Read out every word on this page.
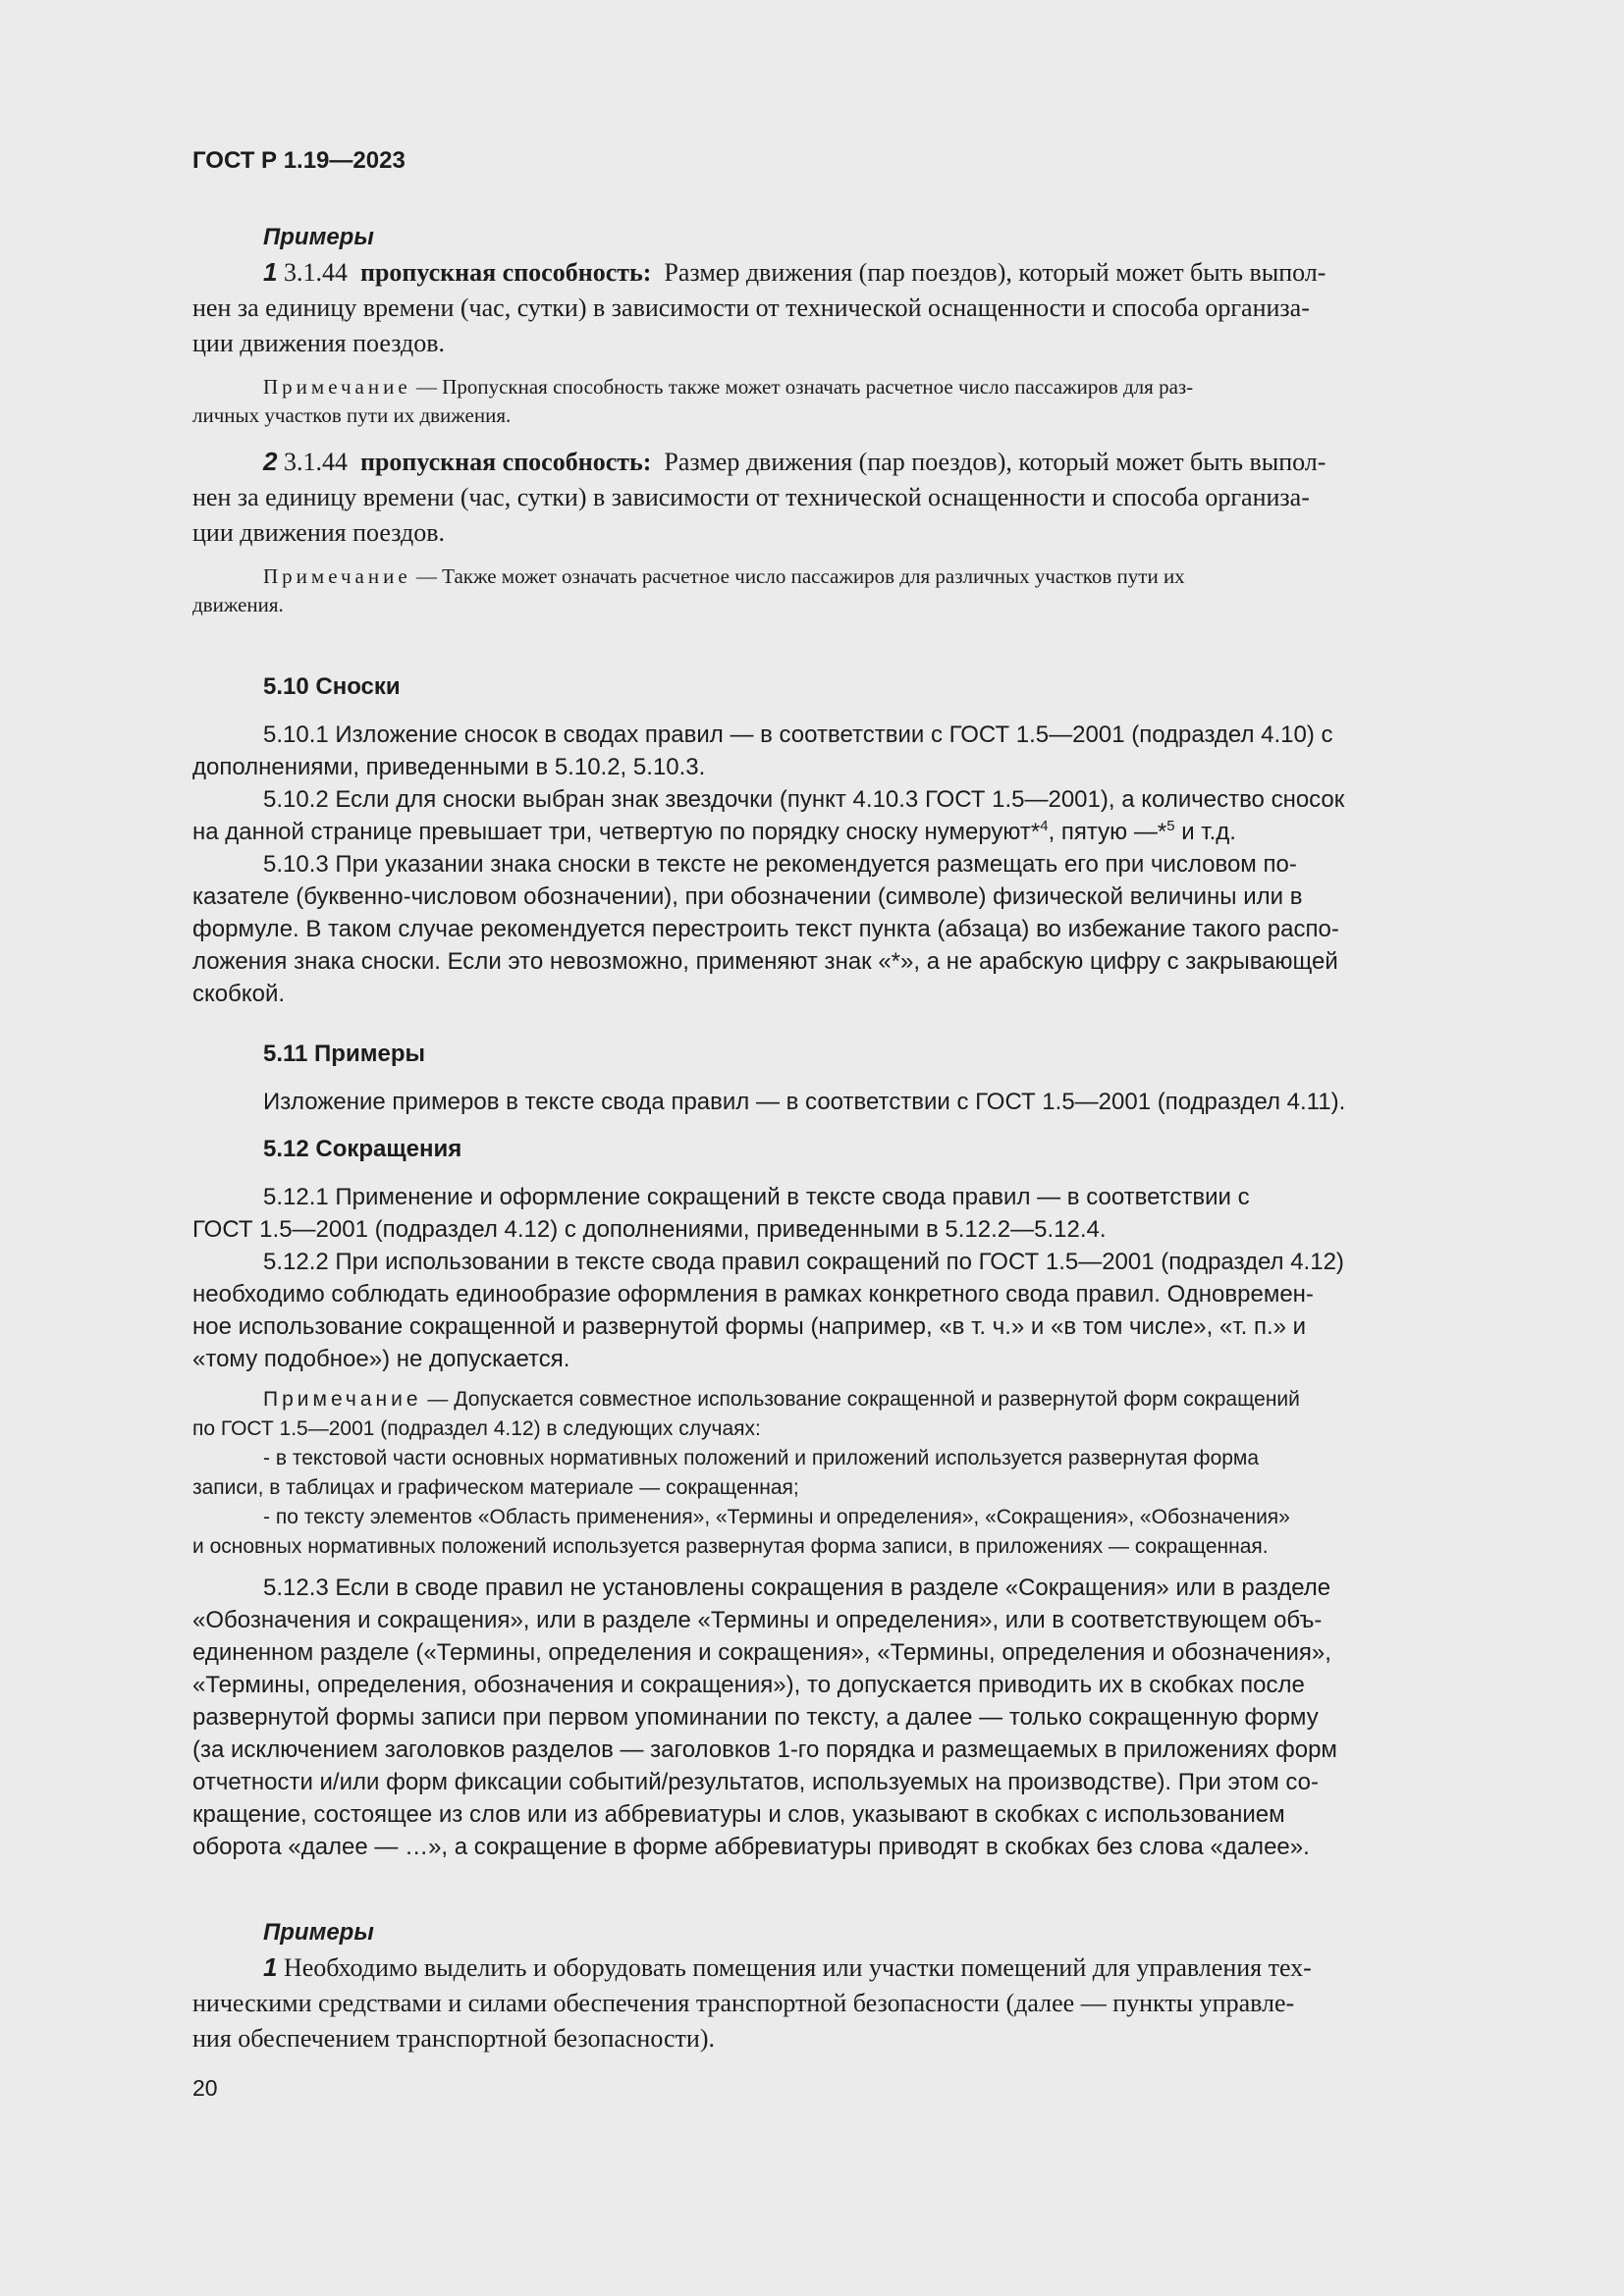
ГОСТ Р 1.19—2023

Примеры

1 3.1.44 пропускная способность: Размер движения (пар поездов), который может быть выпол-

нен за единицу времени (час, сутки) в зависимости от технической оснащенности и способа организа-

ции движения поездов.

Примечание — Пропускная способность также может означать расчетное число пассажиров для раз-

личных участков пути их движения.

2 3.1.44 пропускная способность: Размер движения (пар поездов), который может быть выпол-

нен за единицу времени (час, сутки) в зависимости от технической оснащенности и способа организа-

ции движения поездов.

Примечание — Также может означать расчетное число пассажиров для различных участков пути их

движения.

5.10 Сноски

5.10.1 Изложение сносок в сводах правил — в соответствии с ГОСТ 1.5—2001 (подраздел 4.10) с

дополнениями, приведенными в 5.10.2, 5.10.3.

5.10.2 Если для сноски выбран знак звездочки (пункт 4.10.3 ГОСТ 1.5—2001), а количество сносок

на данной странице превышает три, четвертую по порядку сноску нумеруют*$^4$, пятую —*$^5$ и т.д.

5.10.3 При указании знака сноски в тексте не рекомендуется размещать его при числовом по-

казателе (буквенно-числовом обозначении), при обозначении (символе) физической величины или в

формуле. В таком случае рекомендуется перестроить текст пункта (абзаца) во избежание такого распо-

ложения знака сноски. Если это невозможно, применяют знак «*», а не арабскую цифру с закрывающей

скобкой.

5.11 Примеры

Изложение примеров в тексте свода правил — в соответствии с ГОСТ 1.5—2001 (подраздел 4.11).

5.12 Сокращения

5.12.1 Применение и оформление сокращений в тексте свода правил — в соответствии с

ГОСТ 1.5—2001 (подраздел 4.12) с дополнениями, приведенными в 5.12.2—5.12.4.

5.12.2 При использовании в тексте свода правил сокращений по ГОСТ 1.5—2001 (подраздел 4.12)

необходимо соблюдать единообразие оформления в рамках конкретного свода правил. Одновремен-

ное использование сокращенной и развернутой формы (например, «в т. ч.» и «в том числе», «т. п.» и

«тому подобное») не допускается.

Примечание — Допускается совместное использование сокращенной и развернутой форм сокращений

по ГОСТ 1.5—2001 (подраздел 4.12) в следующих случаях:

- в текстовой части основных нормативных положений и приложений используется развернутая форма

записи, в таблицах и графическом материале — сокращенная;

- по тексту элементов «Область применения», «Термины и определения», «Сокращения», «Обозначения»

и основных нормативных положений используется развернутая форма записи, в приложениях — сокращенная.

5.12.3 Если в своде правил не установлены сокращения в разделе «Сокращения» или в разделе

«Обозначения и сокращения», или в разделе «Термины и определения», или в соответствующем объ-

единенном разделе («Термины, определения и сокращения», «Термины, определения и обозначения»,

«Термины, определения, обозначения и сокращения»), то допускается приводить их в скобках после

развернутой формы записи при первом упоминании по тексту, а далее — только сокращенную форму

(за исключением заголовков разделов — заголовков 1-го порядка и размещаемых в приложениях форм

отчетности и/или форм фиксации событий/результатов, используемых на производстве). При этом со-

кращение, состоящее из слов или из аббревиатуры и слов, указывают в скобках с использованием

оборота «далее — …», а сокращение в форме аббревиатуры приводят в скобках без слова «далее».

Примеры

1 Необходимо выделить и оборудовать помещения или участки помещений для управления тех-

ническими средствами и силами обеспечения транспортной безопасности (далее — пункты управле-

ния обеспечением транспортной безопасности).

20
